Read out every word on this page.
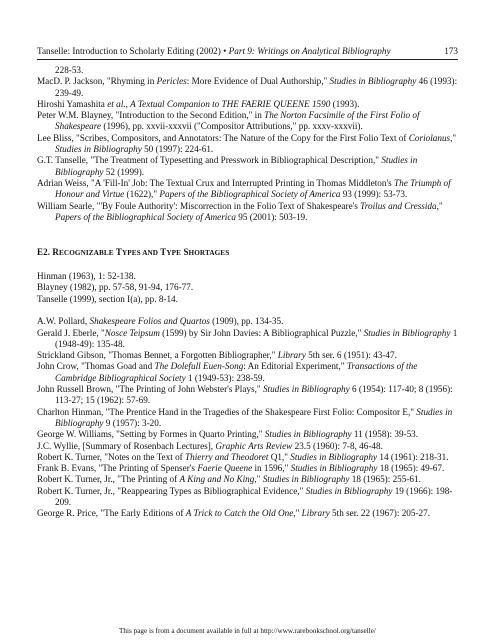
Tanselle: Introduction to Scholarly Editing (2002) • Part 9: Writings on Analytical Bibliography	173

228-53.

MacD. P. Jackson, "Rhyming in Pericles: More Evidence of Dual Authorship," Studies in Bibliography 46 (1993): 239-49.

Hiroshi Yamashita et al., A Textual Companion to THE FAERIE QUEENE 1590 (1993).

Peter W.M. Blayney, "Introduction to the Second Edition," in The Norton Facsimile of the First Folio of Shakespeare (1996), pp. xxvii-xxxvii ("Compositor Attributions," pp. xxxv-xxxvii).

Lee Bliss, "Scribes, Compositors, and Annotators: The Nature of the Copy for the First Folio Text of Coriolanus," Studies in Bibliography 50 (1997): 224-61.

G.T. Tanselle, "The Treatment of Typesetting and Presswork in Bibliographical Description," Studies in Bibliography 52 (1999).

Adrian Weiss, "A 'Fill-In' Job: The Textual Crux and Interrupted Printing in Thomas Middleton's The Triumph of Honour and Virtue (1622)," Papers of the Bibliographical Society of America 93 (1999): 53-73.

William Searle, "'By Foule Authority': Miscorrection in the Folio Text of Shakespeare's Troilus and Cressida," Papers of the Bibliographical Society of America 95 (2001): 503-19.

E2. RECOGNIZABLE TYPES AND TYPE SHORTAGES

Hinman (1963), 1: 52-138.

Blayney (1982), pp. 57-58, 91-94, 176-77.

Tanselle (1999), section I(a), pp. 8-14.

A.W. Pollard, Shakespeare Folios and Quartos (1909), pp. 134-35.

Gerald J. Eberle, "Nosce Teipsum (1599) by Sir John Davies: A Bibliographical Puzzle," Studies in Bibliography 1 (1948-49): 135-48.

Strickland Gibson, "Thomas Bennet, a Forgotten Bibliographer," Library 5th ser. 6 (1951): 43-47.

John Crow, "Thomas Goad and The Dolefull Euen-Song: An Editorial Experiment," Transactions of the Cambridge Bibliographical Society 1 (1949-53): 238-59.

John Russell Brown, "The Printing of John Webster's Plays," Studies in Bibliography 6 (1954): 117-40; 8 (1956): 113-27; 15 (1962): 57-69.

Charlton Hinman, "The Prentice Hand in the Tragedies of the Shakespeare First Folio: Compositor E," Studies in Bibliography 9 (1957): 3-20.

George W. Williams, "Setting by Formes in Quarto Printing," Studies in Bibliography 11 (1958): 39-53.

J.C. Wyllie, [Summary of Rosenbach Lectures], Graphic Arts Review 23.5 (1960): 7-8, 46-48.

Robert K. Turner, "Notes on the Text of Thierry and Theodoret Q1," Studies in Bibliography 14 (1961): 218-31.

Frank B. Evans, "The Printing of Spenser's Faerie Queene in 1596," Studies in Bibliography 18 (1965): 49-67.

Robert K. Turner, Jr., "The Printing of A King and No King," Studies in Bibliography 18 (1965): 255-61.

Robert K. Turner, Jr., "Reappearing Types as Bibliographical Evidence," Studies in Bibliography 19 (1966): 198-209.

George R. Price, "The Early Editions of A Trick to Catch the Old One," Library 5th ser. 22 (1967): 205-27.

This page is from a document available in full at http://www.rarebookschool.org/tanselle/
